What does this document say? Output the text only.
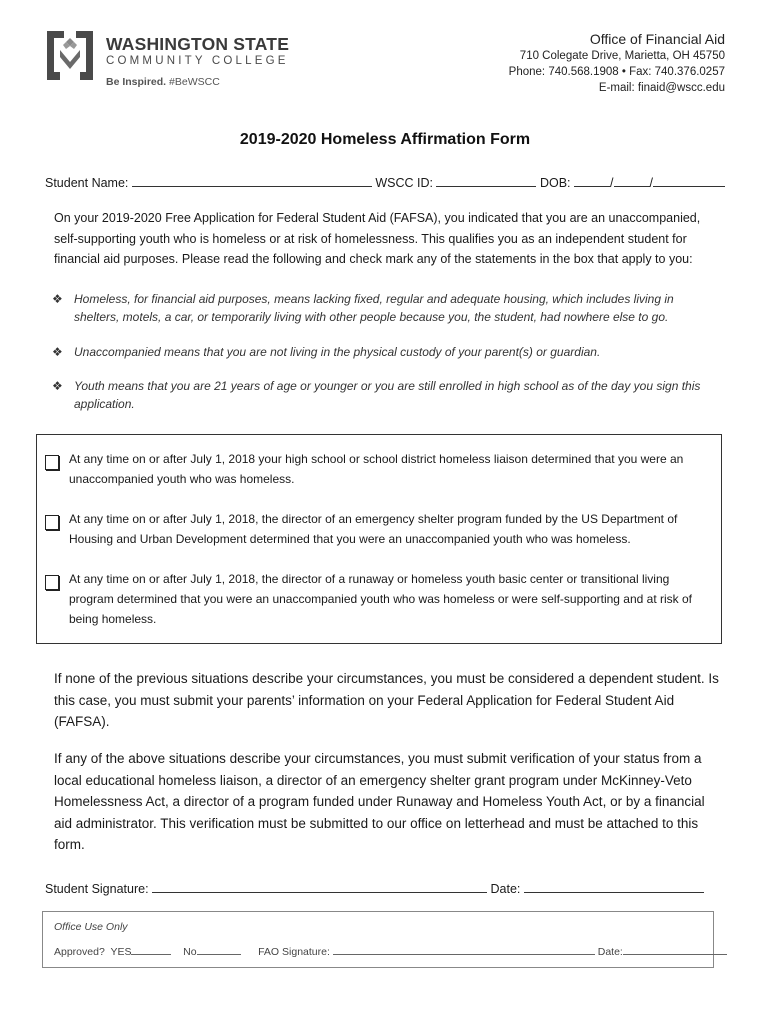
WASHINGTON STATE
COMMUNITY COLLEGE
Be Inspired. #BeWSCC
Office of Financial Aid
710 Colegate Drive, Marietta, OH 45750
Phone: 740.568.1908 • Fax: 740.376.0257
E-mail: finaid@wscc.edu
2019-2020 Homeless Affirmation Form
Student Name:	WSCC ID:	DOB:	/	/
On your 2019-2020 Free Application for Federal Student Aid (FAFSA), you indicated that you are an unaccompanied, self-supporting youth who is homeless or at risk of homelessness. This qualifies you as an independent student for financial aid purposes. Please read the following and check mark any of the statements in the box that apply to you:
❖ Homeless, for financial aid purposes, means lacking fixed, regular and adequate housing, which includes living in shelters, motels, a car, or temporarily living with other people because you, the student, had nowhere else to go.
❖ Unaccompanied means that you are not living in the physical custody of your parent(s) or guardian.
❖ Youth means that you are 21 years of age or younger or you are still enrolled in high school as of the day you sign this application.
At any time on or after July 1, 2018 your high school or school district homeless liaison determined that you were an unaccompanied youth who was homeless.
At any time on or after July 1, 2018, the director of an emergency shelter program funded by the US Department of Housing and Urban Development determined that you were an unaccompanied youth who was homeless.
At any time on or after July 1, 2018, the director of a runaway or homeless youth basic center or transitional living program determined that you were an unaccompanied youth who was homeless or were self-supporting and at risk of being homeless.
If none of the previous situations describe your circumstances, you must be considered a dependent student. Is this case, you must submit your parents’ information on your Federal Application for Federal Student Aid (FAFSA).
If any of the above situations describe your circumstances, you must submit verification of your status from a local educational homeless liaison, a director of an emergency shelter grant program under McKinney-Veto Homelessness Act, a director of a program funded under Runaway and Homeless Youth Act, or by a financial aid administrator. This verification must be submitted to our office on letterhead and must be attached to this form.
Student Signature:	Date:
Office Use Only
Approved? YES	No	FAO Signature:	Date:
